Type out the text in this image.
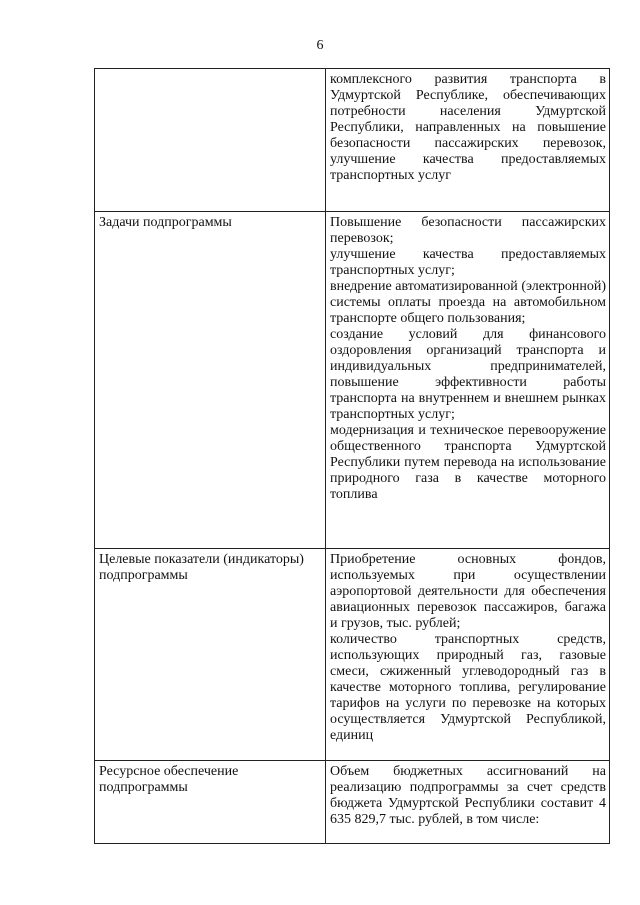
6

	комплексного развития транспорта в Удмуртской Республике, обеспечивающих потребности населения Удмуртской Республики, направленных на повышение безопасности пассажирских перевозок, улучшение качества предоставляемых транспортных услуг

Задачи подпрограммы	Повышение безопасности пассажирских перевозок;
улучшение качества предоставляемых транспортных услуг;
внедрение автоматизированной (электронной) системы оплаты проезда на автомобильном транспорте общего пользования;
создание условий для финансового оздоровления организаций транспорта и индивидуальных предпринимателей, повышение эффективности работы транспорта на внутреннем и внешнем рынках транспортных услуг;
модернизация и техническое перевооружение общественного транспорта Удмуртской Республики путем перевода на использование природного газа в качестве моторного топлива

Целевые показатели (индикаторы) подпрограммы	Приобретение основных фондов, используемых при осуществлении аэропортовой деятельности для обеспечения авиационных перевозок пассажиров, багажа и грузов, тыс. рублей;
количество транспортных средств, использующих природный газ, газовые смеси, сжиженный углеводородный газ в качестве моторного топлива, регулирование тарифов на услуги по перевозке на которых осуществляется Удмуртской Республикой, единиц

Ресурсное обеспечение подпрограммы	Объем бюджетных ассигнований на реализацию подпрограммы за счет средств бюджета Удмуртской Республики составит 4 635 829,7 тыс. рублей, в том числе:
